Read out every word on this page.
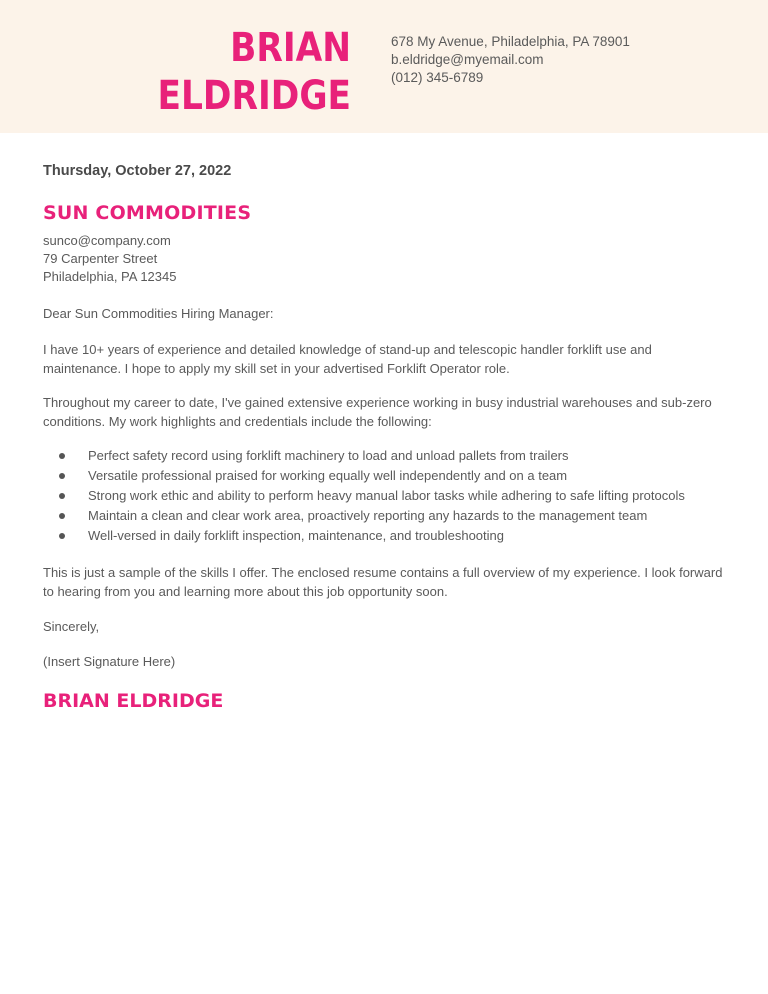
BRIAN
ELDRIDGE
678 My Avenue, Philadelphia, PA 78901
b.eldridge@myemail.com
(012) 345-6789
Thursday, October 27, 2022
SUN COMMODITIES
sunco@company.com
79 Carpenter Street
Philadelphia, PA 12345
Dear Sun Commodities Hiring Manager:
I have 10+ years of experience and detailed knowledge of stand-up and telescopic handler forklift use and maintenance. I hope to apply my skill set in your advertised Forklift Operator role.
Throughout my career to date, I've gained extensive experience working in busy industrial warehouses and sub-zero conditions. My work highlights and credentials include the following:
Perfect safety record using forklift machinery to load and unload pallets from trailers
Versatile professional praised for working equally well independently and on a team
Strong work ethic and ability to perform heavy manual labor tasks while adhering to safe lifting protocols
Maintain a clean and clear work area, proactively reporting any hazards to the management team
Well-versed in daily forklift inspection, maintenance, and troubleshooting
This is just a sample of the skills I offer. The enclosed resume contains a full overview of my experience. I look forward to hearing from you and learning more about this job opportunity soon.
Sincerely,
(Insert Signature Here)
BRIAN ELDRIDGE
